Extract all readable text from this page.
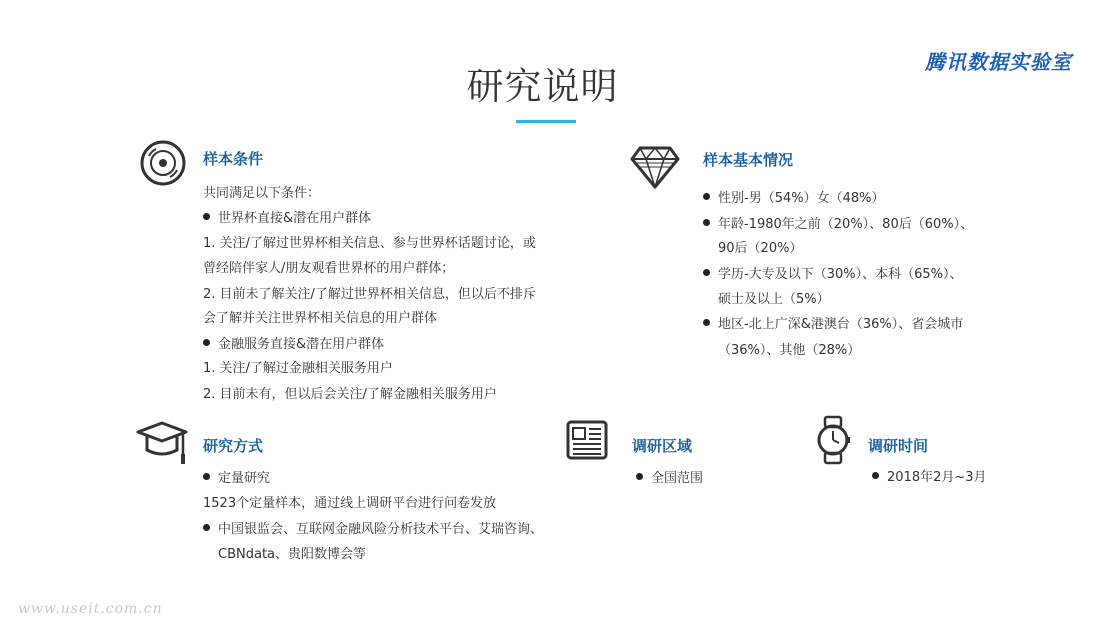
研究说明
腾讯数据实验室
样本条件
共同满足以下条件：
世界杯直接&潜在用户群体
1. 关注/了解过世界杯相关信息、参与世界杯话题讨论，或
曾经陪伴家人/朋友观看世界杯的用户群体；
2. 目前未了解关注/了解过世界杯相关信息，但以后不排斥
会了解并关注世界杯相关信息的用户群体
金融服务直接&潜在用户群体
1. 关注/了解过金融相关服务用户
2. 目前未有，但以后会关注/了解金融相关服务用户
样本基本情况
性别-男（54%）女（48%）
年龄-1980年之前（20%）、80后（60%）、
90后（20%）
学历-大专及以下（30%）、本科（65%）、
硕士及以上（5%）
地区-北上广深&港澳台（36%）、省会城市
（36%）、其他（28%）
研究方式
定量研究
1523个定量样本，通过线上调研平台进行问卷发放
中国银监会、互联网金融风险分析技术平台、艾瑞咨询、
CBNdata、贵阳数博会等
调研区域
全国范围
调研时间
2018年2月~3月
www.useit.com.cn
